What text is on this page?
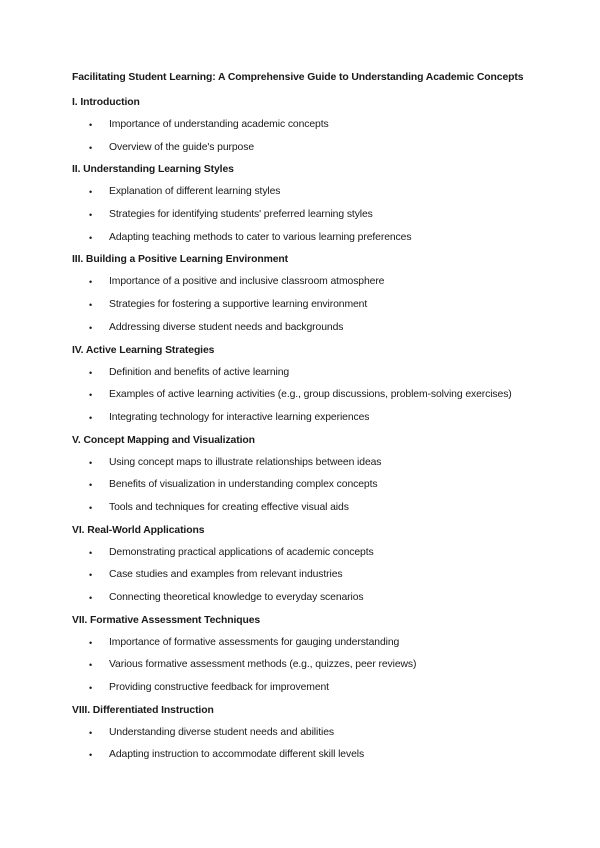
Facilitating Student Learning: A Comprehensive Guide to Understanding Academic Concepts
I. Introduction
•	Importance of understanding academic concepts
•	Overview of the guide's purpose
II. Understanding Learning Styles
•	Explanation of different learning styles
•	Strategies for identifying students' preferred learning styles
•	Adapting teaching methods to cater to various learning preferences
III. Building a Positive Learning Environment
•	Importance of a positive and inclusive classroom atmosphere
•	Strategies for fostering a supportive learning environment
•	Addressing diverse student needs and backgrounds
IV. Active Learning Strategies
•	Definition and benefits of active learning
•	Examples of active learning activities (e.g., group discussions, problem-solving exercises)
•	Integrating technology for interactive learning experiences
V. Concept Mapping and Visualization
•	Using concept maps to illustrate relationships between ideas
•	Benefits of visualization in understanding complex concepts
•	Tools and techniques for creating effective visual aids
VI. Real-World Applications
•	Demonstrating practical applications of academic concepts
•	Case studies and examples from relevant industries
•	Connecting theoretical knowledge to everyday scenarios
VII. Formative Assessment Techniques
•	Importance of formative assessments for gauging understanding
•	Various formative assessment methods (e.g., quizzes, peer reviews)
•	Providing constructive feedback for improvement
VIII. Differentiated Instruction
•	Understanding diverse student needs and abilities
•	Adapting instruction to accommodate different skill levels
